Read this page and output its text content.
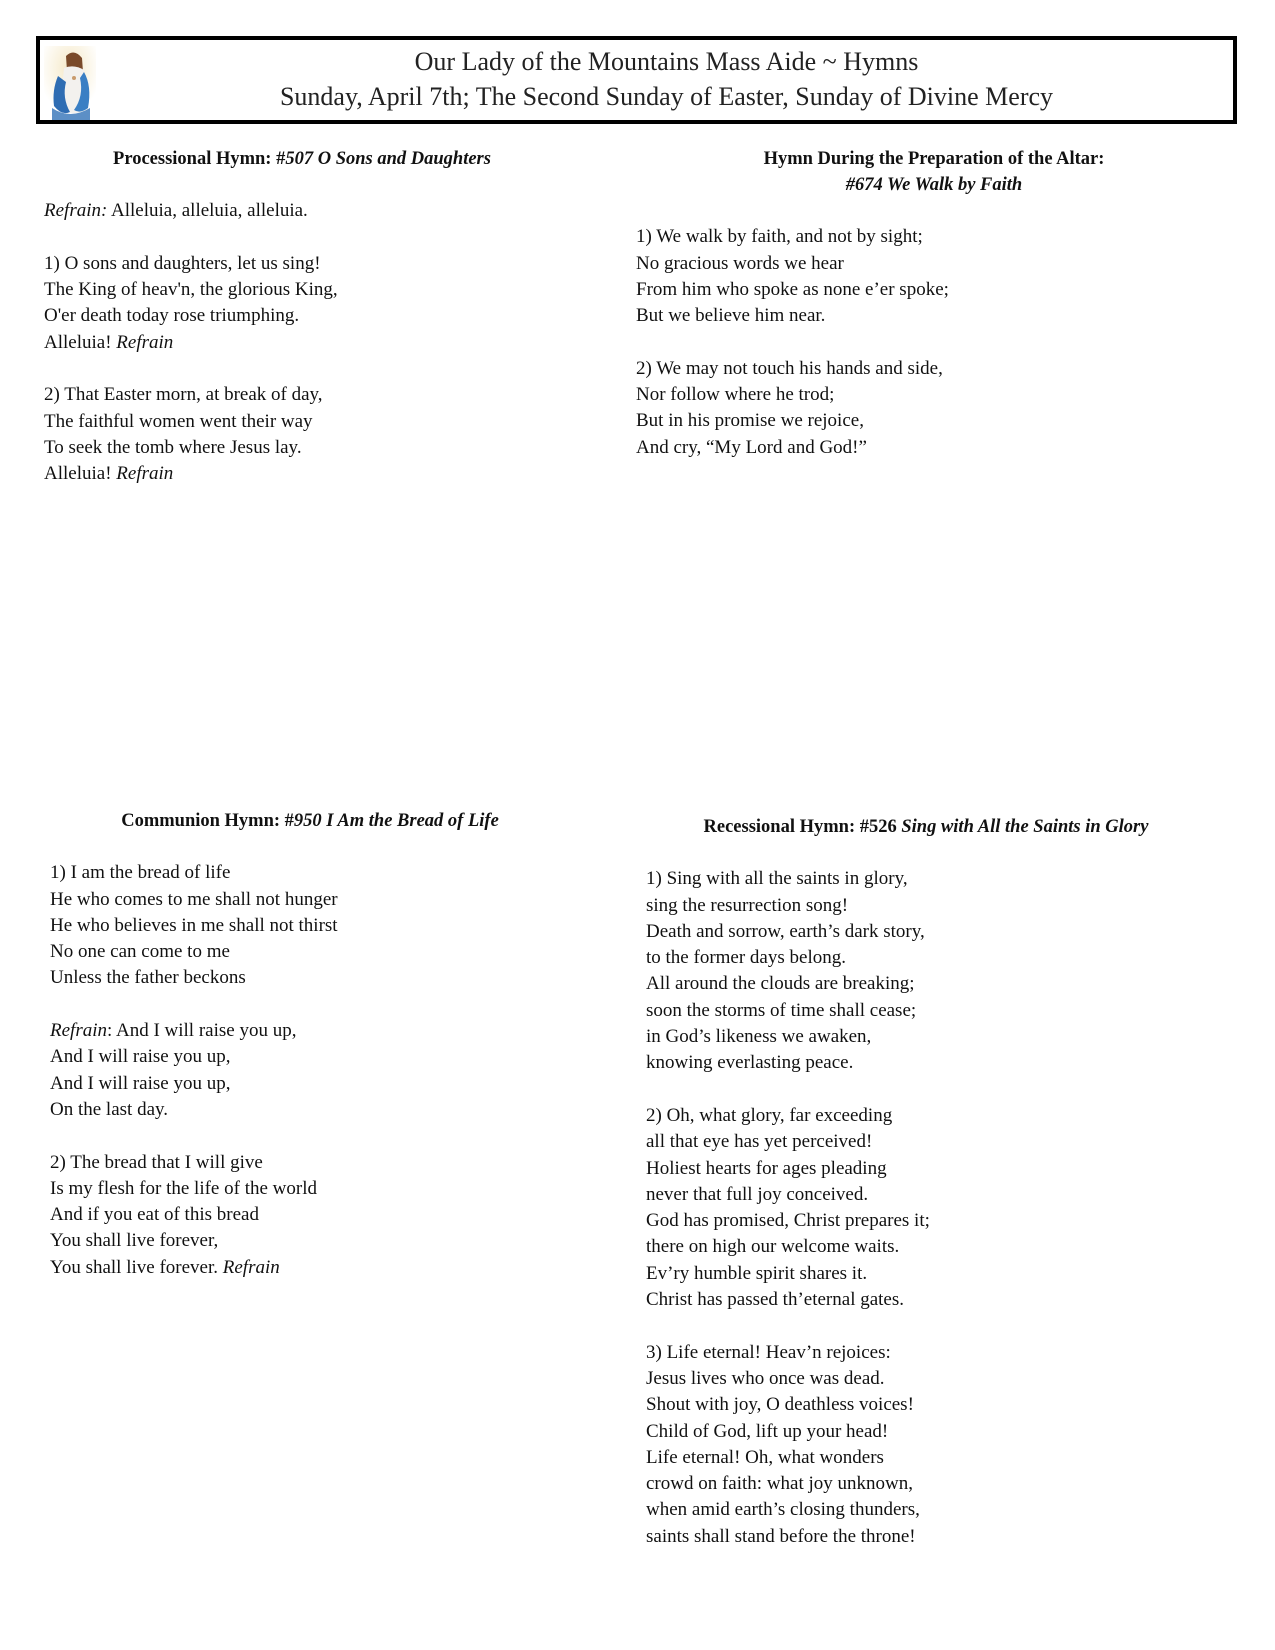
Our Lady of the Mountains Mass Aide ~ Hymns
Sunday, April 7th; The Second Sunday of Easter, Sunday of Divine Mercy
Processional Hymn: #507 O Sons and Daughters
Refrain: Alleluia, alleluia, alleluia.
1) O sons and daughters, let us sing!
The King of heav'n, the glorious King,
O'er death today rose triumphing.
Alleluia! Refrain
2) That Easter morn, at break of day,
The faithful women went their way
To seek the tomb where Jesus lay.
Alleluia! Refrain
Hymn During the Preparation of the Altar:
#674 We Walk by Faith
1) We walk by faith, and not by sight;
No gracious words we hear
From him who spoke as none e’er spoke;
But we believe him near.
2) We may not touch his hands and side,
Nor follow where he trod;
But in his promise we rejoice,
And cry, “My Lord and God!”
Communion Hymn: #950 I Am the Bread of Life
1) I am the bread of life
He who comes to me shall not hunger
He who believes in me shall not thirst
No one can come to me
Unless the father beckons
Refrain: And I will raise you up,
And I will raise you up,
And I will raise you up,
On the last day.
2) The bread that I will give
Is my flesh for the life of the world
And if you eat of this bread
You shall live forever,
You shall live forever. Refrain
Recessional Hymn: #526 Sing with All the Saints in Glory
1) Sing with all the saints in glory,
sing the resurrection song!
Death and sorrow, earth’s dark story,
to the former days belong.
All around the clouds are breaking;
soon the storms of time shall cease;
in God’s likeness we awaken,
knowing everlasting peace.
2) Oh, what glory, far exceeding
all that eye has yet perceived!
Holiest hearts for ages pleading
never that full joy conceived.
God has promised, Christ prepares it;
there on high our welcome waits.
Ev’ry humble spirit shares it.
Christ has passed th’eternal gates.
3) Life eternal! Heav’n rejoices:
Jesus lives who once was dead.
Shout with joy, O deathless voices!
Child of God, lift up your head!
Life eternal! Oh, what wonders
crowd on faith: what joy unknown,
when amid earth’s closing thunders,
saints shall stand before the throne!
